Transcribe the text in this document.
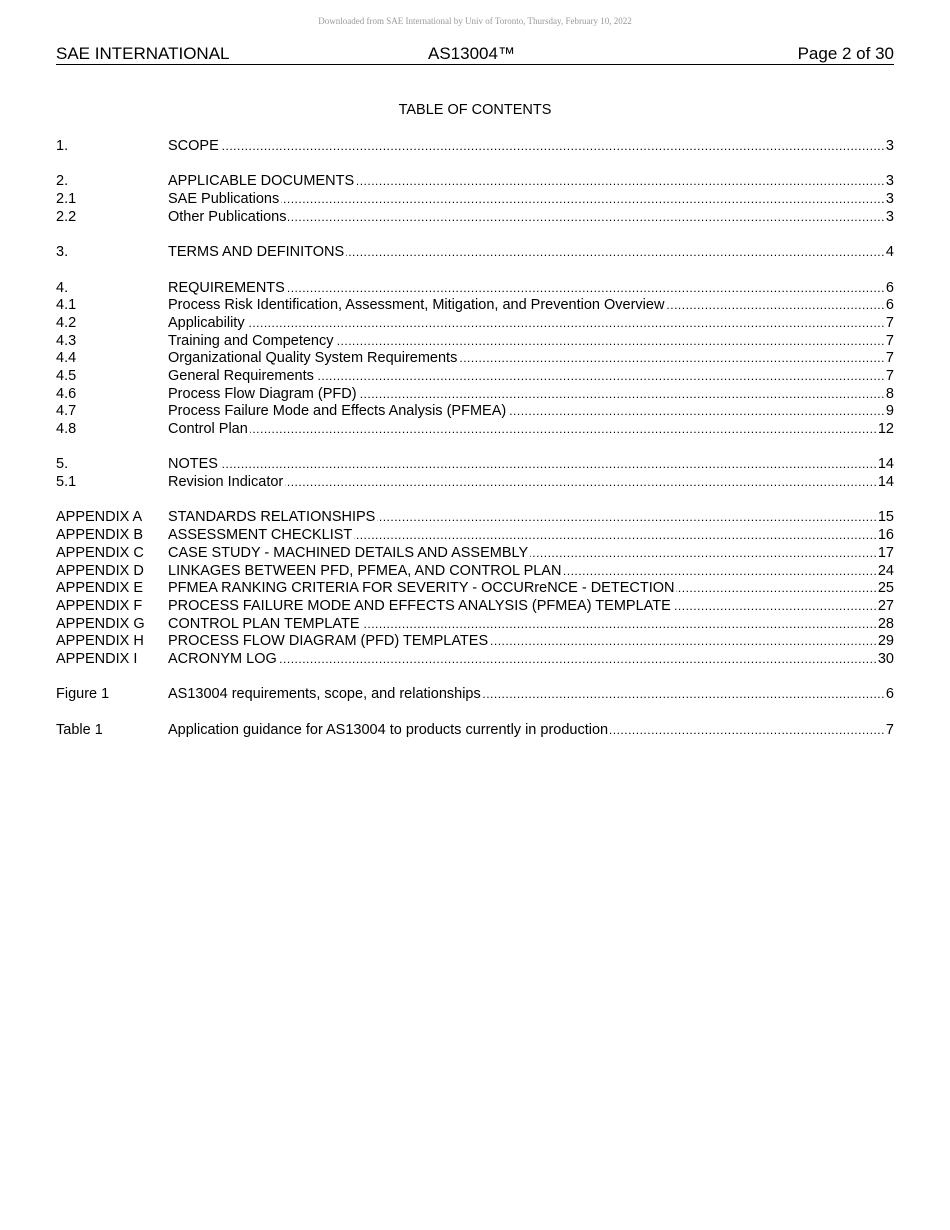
Downloaded from SAE International by Univ of Toronto, Thursday, February 10, 2022
SAE INTERNATIONAL	AS13004™	Page 2 of 30
TABLE OF CONTENTS
1.	SCOPE .....	3
2.	APPLICABLE DOCUMENTS .....	3
2.1	SAE Publications .....	3
2.2	Other Publications .....	3
3.	TERMS AND DEFINITONS .....	4
4.	REQUIREMENTS .....	6
4.1	Process Risk Identification, Assessment, Mitigation, and Prevention Overview .....	6
4.2	Applicability .....	7
4.3	Training and Competency .....	7
4.4	Organizational Quality System Requirements .....	7
4.5	General Requirements .....	7
4.6	Process Flow Diagram (PFD) .....	8
4.7	Process Failure Mode and Effects Analysis (PFMEA) .....	9
4.8	Control Plan .....	12
5.	NOTES .....	14
5.1	Revision Indicator .....	14
APPENDIX A	STANDARDS RELATIONSHIPS .....	15
APPENDIX B	ASSESSMENT CHECKLIST .....	16
APPENDIX C	CASE STUDY - MACHINED DETAILS AND ASSEMBLY .....	17
APPENDIX D	LINKAGES BETWEEN PFD, PFMEA, AND CONTROL PLAN .....	24
APPENDIX E	PFMEA RANKING CRITERIA FOR SEVERITY - OCCURreNCE - DETECTION .....	25
APPENDIX F	PROCESS FAILURE MODE AND EFFECTS ANALYSIS (PFMEA) TEMPLATE .....	27
APPENDIX G	CONTROL PLAN TEMPLATE .....	28
APPENDIX H	PROCESS FLOW DIAGRAM (PFD) TEMPLATES .....	29
APPENDIX I	ACRONYM LOG .....	30
Figure 1	AS13004 requirements, scope, and relationships .....	6
Table 1	Application guidance for AS13004 to products currently in production .....	7
